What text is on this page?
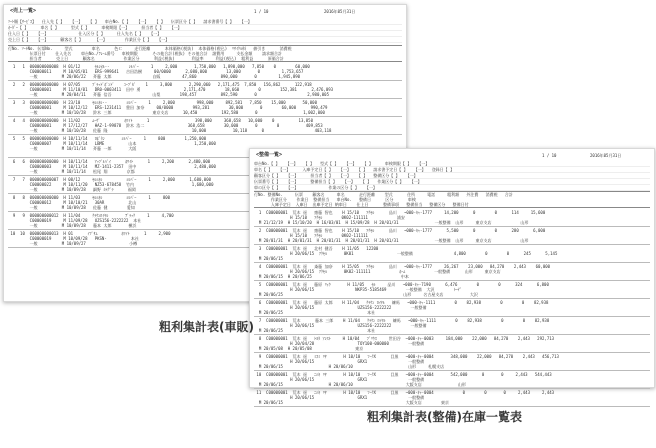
<売上一覧>	1 / 10	2016年05月31日
ｿｰﾄ順【ｻｰﾋﾞｽ】 仕入先【 】 【一】 【 】 車台No.【 】 【一】 【 】 伝票区分【 】 請求書番号【 】 【一】
ｵｰﾀﾞｰ【 】	車名【 】	型式【 】	車検期限【一】	担当者【 】 【一】
仕入日【 】 【一】	仕入区分【 】	仕入先名【 】 【一】
売上日【 】 【一】	顧客名【 】	【一】	作業区分【 】 【一】
行No. ｿｰﾄNo. 伝票No.     型式        車名      色Ｃ     走行距離      本体価格(税抜)  本体価格(税込)  ﾘｻｲｸﾙ料   値引き      消費税
伝票日付    仕入先名    車台No./ﾌﾚｰﾑ番号   車検期限      その他合計(税抜) その他合計  諸費用     支払金額    請求額合計
担当者      売上日      顧客名            作業区分      利益(税抜)       利益率     利益(税込)  粗利益      原価合計
1   1  000000000008  H 01/12      ｾﾙｼｵﾙ--        ｼﾙﾊﾞｰ     1     2,000       1,750,000   1,890,000   7,850    0        60,000
C00000011     M 10/05/01   ERS-999641   吉田浩樹     00/0000      2,080,000        13,000       0         1,753,657
一般          M 20/06/22   斉藤 太郎                 自販         47,860          890,000       0         1,945,890
2   2  000000000000  H 07/05     ﾌﾞﾗｯﾄﾞﾎﾞﾝﾄﾞ    ﾕｰﾌﾞｶﾞ    1     3,800       2,290,060   2,171,475  7,850   156,862      122,918
C00000001     M 11/10/01   DR0-0003411  田中 勇                  2,171,470        18,660        0        152,381      2,476,093
一般          M 20/04/11   斉藤 信吾                 山梨        198,457          892,590       0                     2,980,005
3   3  000000000000  H 23/10     ｾﾙｼｵﾙ--        ｼﾙﾊﾞｰ     1     2,000         998,000     892,581   7,850    15,000       50,000
C00000001     M 10/12/12   ERS-1231411  豊田 加奈     00/0000        993,281        30,000       0        60,000      990,479
一般          M 10/10/28   鈴木 三郎                 東京支店      10,450          192,580       0                   1,002,000
4   4  000000000000  H 11/02     ﾑｰｳﾞ          ﾎﾜｲﾄ      1                   398,000     368,658   10,000    0          13,850
C00000001     M 17/12/27   HAZ-1-99878  鈴木 浩二                  368,658        30,000       0        0           409,853
一般          M 10/10/28   佐藤 隆                                   10,000           10,118      0                     403,118
5   5  000000000000  H 10/11/14   ﾛﾎﾞﾀﾝ       ｼﾙﾊﾞｰ     1     800        1,250,000
C00000007     M 10/11/14   LBME          山本                        1,250,000
一般          M 10/11/14   斉藤 一郎       大阪

6   6  000000000000  H 10/11/14   ｱｯﾌﾟﾙﾊﾟｲ      ﾎﾜｲﾄ      1     2,200      2,480,000
C00000003     M 10/11/14   MZ-1411-2357  田中                        2,480,000
一般          M 10/11/14   松尾 翔        京都
7   7  000000000007  H 08/12     ｾﾙｼｵﾙ          ｼﾙﾊﾞｰ     1     2,000      1,680,000
C00000022     M 10/11/20   NZ53-678458  竹内                        1,680,000
一般          M 10/09/28   細野 ｶﾒｸﾞﾗ      福岡
8   8  000000000000  H 11/03     ｾﾙｼｵﾙ          ｼﾙﾊﾞｰ     1     800
C00000012     M 10/10/21   30AR          北山
一般          M 10/09/28   佐藤 健        愛知
9   9  000000000012  H 11/04     ｸﾗｳﾝﾛｲﾔﾙ       ﾌﾞﾗｯｸ     1     4,700
C00000019     M 11/09/28   UZS156-2222222  本社
一般          M 10/09/28   藤本 太郎       横浜
10  10  000000000013  H 01      ｲﾌﾟｻﾑ          ﾎﾜｲﾄ      1     2,900
C00000019     M 10/09/28   PKSN-          本社
一般          M 10/09/27                  小樽
<整備一覧>	1 / 10	2016年05月31日
車台No.【 】 【一】 【 】 型式【 】 【一】 【 】	車検期限【 】 【一】
車名【 】 【一】	入庫予定日【 】 【一】 【 】 請求書予定日【 】 【一】 登録日【 】
顧客区分【 】 【一】	担当者【 】 【一】 【 】 整備区分【 】 【一】
伝票番号【 】 【一】	整備担当【 】 【一】 【 】 作業区分【 】 【一】
車の区分【 】 【一】	作業の区分【 】 【一】
行No. 整備No.     伝票    顧客名     車名      走行距離    型式      住所     電話     粗利額   外注費   消費税   合計
作業区分    作業日  整備担当   車台No.   整備日      区分      車検
入庫予定日  入庫日  出庫予定日 納車日    仕上日      整備事項   整備担当   整備区分   整備日付
1  C00000001  荒木 遥   齋藤 智也    H 15/10   ｱｸｾﾙ      品川   ~000-ｷｬ-1777     14,200      0        0      114     15,600
H 15/10   ｱｸｾﾙ        0K02-111111            浦安
M 21/12/19  H 15/10/20  H 16/03/01  H 15/09/28  H 20/01/31               一般整備  山形     東京支店            山形
2  C00000001  荒木 遥   齋藤 智也    H 15/10   ｱｸｾﾙ      品川   ~000-ｷｬ-1777      5,500      0        0      280      6,000
H 15/10   ｱｸｾﾙ        0K02-111111
M 20/01/31  H 20/01/31  H 20/01/31  H 20/01/31  H 20/01/31               一般整備  山形     東京支店            山形
3  C00000001  荒木 遥   北村 健吾    H 11/05   12200
H 20/06/15  ｱｸｾﾙ       0K01                  一般整備                 4,800        0        0      245      5,145
M 20/06/15
4  C00000001  荒木 遥   斎藤 加奈    H 15/05   ｱｸｾﾙ      品川   ~000-ｷｬ-1777     26,267    23,000   84,270    2,443    60,000
H 20/06/15  ｱｸｾﾙ       0K02-111111            ﾎｰﾑ            一般整備      山形     東京支店
M 20/06/15  H 20/06/25                                     中本
5  C00000001  荒木 遥   藤原 ﾘｭｳ       H 11/05   ｾﾙ     品川   ~000-ｷｬ-7190      6,476        0        0      324      6,800
H 20/06/15                 NKP35-5185469        一般整備  大沢        ﾄｰﾃﾞ
M 20/06/25                                                  山形     名古屋支店           大沢
6  C00000001  荒木 遥   藤原 太郎    H 11/04   ｸﾗｳﾝ ﾛｲﾔﾙ   練馬   ~000-ｷｬ-1111        0    82,938        0        0    82,938
H 20/06/15                  UZS156-2222222        一般整備
M 20/06/25                                   本社
7  C00000001  荒木      藤本 三郎    H 11/04   ｸﾗｳﾝ ﾛｲﾔﾙ   練馬   ~000-ｷｬ-1111        0    82,938        0        0    82,938
H 20/06/15                  UZS156-2222222        一般整備
M 20/06/25                                   本社
8  C00000001  荒木 遥   ﾄﾖﾀ ｱｼｽﾄ     H 10/04   ﾌﾟﾘｳｽ     世田谷  ~000-ｷｬ-0003     184,000    22,000   84,270    2,443   292,713
H 20/04/28                  TOY100-000000        一般整備
M 20/05/08  H 20/05/08                  東京
9  C00000001  荒木 遥   ﾐｽﾐ ﾘｻ       H 10/10   ﾏｰｸX      目黒   ~000-ｷｬ-0004       348,000    22,000   84,270    2,443   456,713
H 20/06/15                  GRX1                 一般整備
M 20/06/15                   H 20/06/10                       山形     札幌支店
10  C00000001  荒木 遥   ﾆｼｷ ﾘｻ       H 10/10   ﾏｰｸX      目黒   ~000-ｷｬ-0004       542,000      0       0     2,443   544,443
H 20/06/15                  GRX1                 一般整備
M 20/06/15                   H 20/06/10                      大阪支店               山形
11  C00000001  荒木 遥   ﾆｼｷ ﾘｻ       H 10/10   ﾏｰｸX      目黒   ~000-ｷｬ-0004            0        0       0     2,443     2,443
H 20/06/15                  GRX1                 一般整備
M 20/06/15                                                   大阪支店        東京
粗利集計表(車販)
粗利集計表(整備)在庫一覧表
